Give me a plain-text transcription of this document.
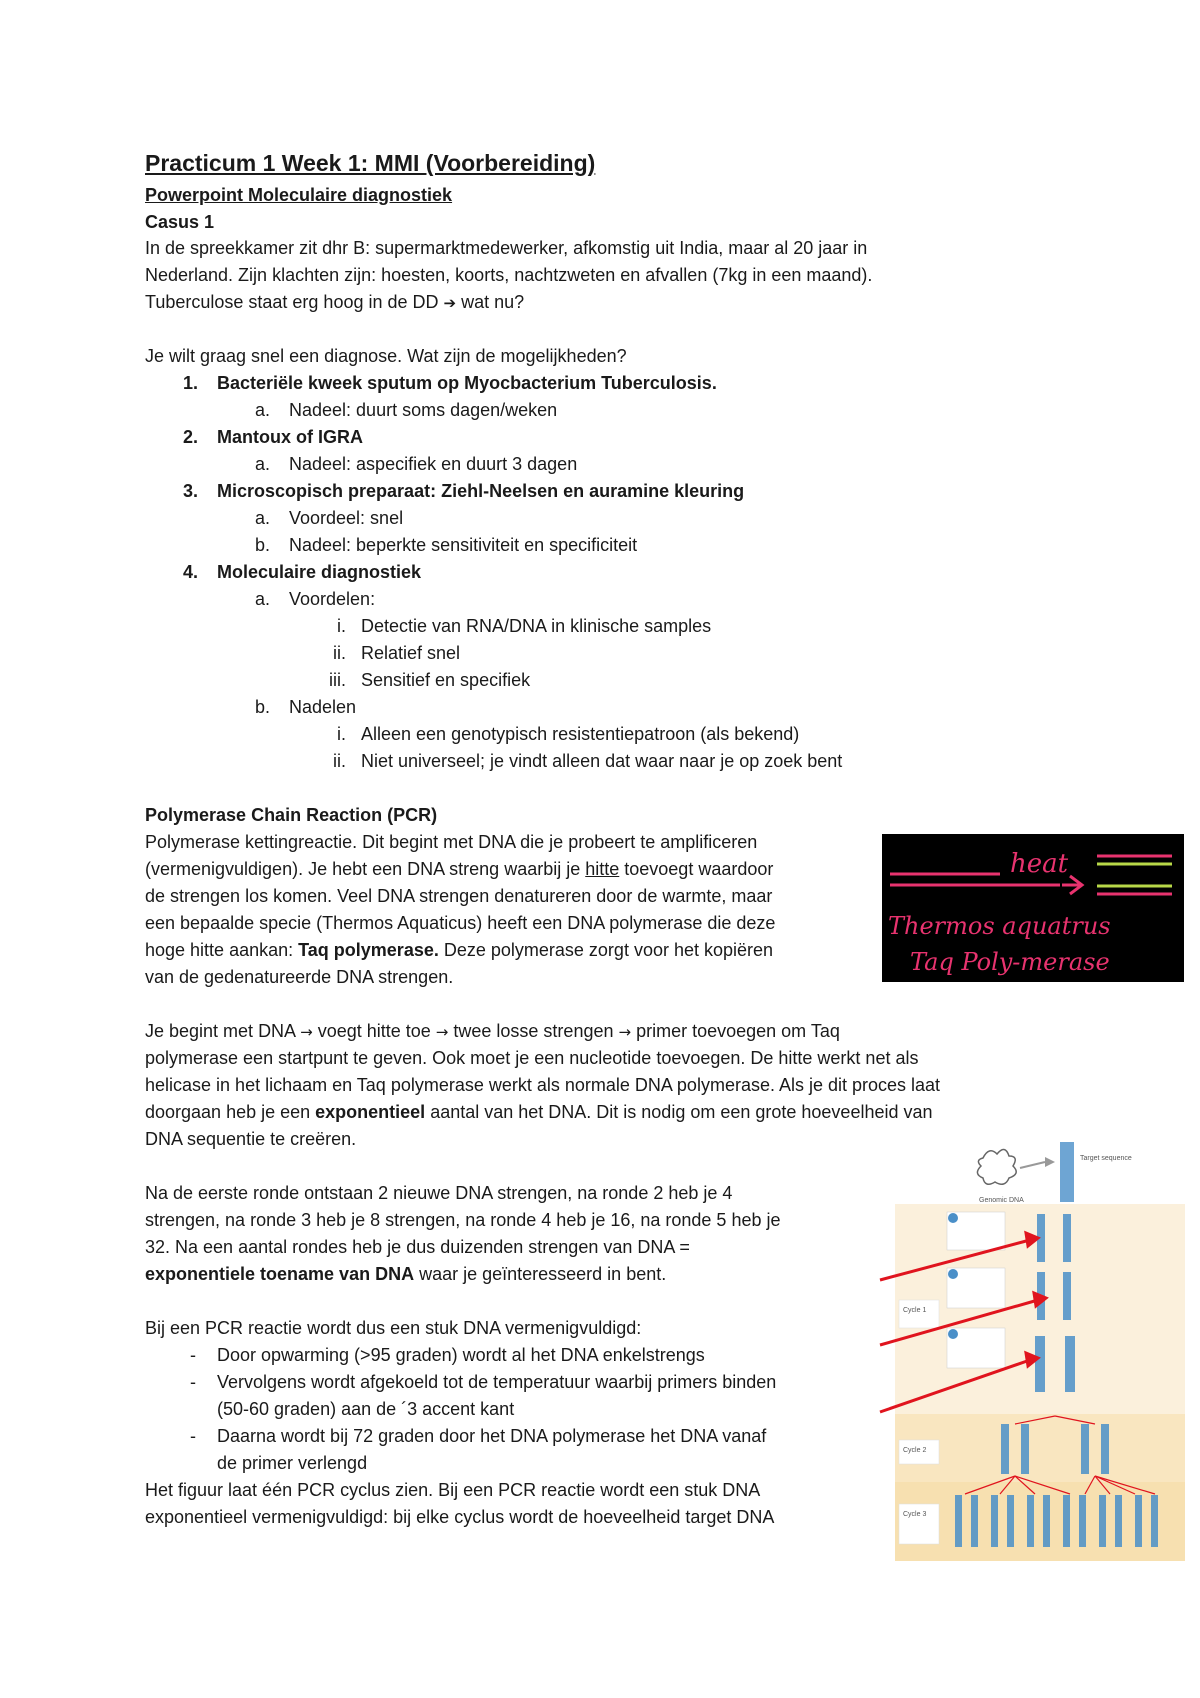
Practicum 1 Week 1: MMI (Voorbereiding)
Powerpoint Moleculaire diagnostiek
Casus 1
In de spreekkamer zit dhr B: supermarktmedewerker, afkomstig uit India, maar al 20 jaar in
Nederland. Zijn klachten zijn: hoesten, koorts, nachtzweten en afvallen (7kg in een maand).
Tuberculose staat erg hoog in de DD ➔ wat nu?
Je wilt graag snel een diagnose. Wat zijn de mogelijkheden?
1. Bacteriële kweek sputum op Myocbacterium Tuberculosis.
a. Nadeel: duurt soms dagen/weken
2. Mantoux of IGRA
a. Nadeel: aspecifiek en duurt 3 dagen
3. Microscopisch preparaat: Ziehl-Neelsen en auramine kleuring
a. Voordeel: snel
b. Nadeel: beperkte sensitiviteit en specificiteit
4. Moleculaire diagnostiek
a. Voordelen:
i. Detectie van RNA/DNA in klinische samples
ii. Relatief snel
iii. Sensitief en specifiek
b. Nadelen
i. Alleen een genotypisch resistentiepatroon (als bekend)
ii. Niet universeel; je vindt alleen dat waar naar je op zoek bent
Polymerase Chain Reaction (PCR)
Polymerase kettingreactie. Dit begint met DNA die je probeert te amplificeren
(vermenigvuldigen). Je hebt een DNA streng waarbij je hitte toevoegt waardoor
de strengen los komen. Veel DNA strengen denatureren door de warmte, maar
een bepaalde specie (Thermos Aquaticus) heeft een DNA polymerase die deze
hoge hitte aankan: Taq polymerase. Deze polymerase zorgt voor het kopiëren
van de gedenatureerde DNA strengen.
Je begint met DNA → voegt hitte toe → twee losse strengen → primer toevoegen om Taq
polymerase een startpunt te geven. Ook moet je een nucleotide toevoegen. De hitte werkt net als
helicase in het lichaam en Taq polymerase werkt als normale DNA polymerase. Als je dit proces laat
doorgaan heb je een exponentieel aantal van het DNA. Dit is nodig om een grote hoeveelheid van
DNA sequentie te creëren.
Na de eerste ronde ontstaan 2 nieuwe DNA strengen, na ronde 2 heb je 4
strengen, na ronde 3 heb je 8 strengen, na ronde 4 heb je 16, na ronde 5 heb je
32. Na een aantal rondes heb je dus duizenden strengen van DNA =
exponentiele toename van DNA waar je geïnteresseerd in bent.
Bij een PCR reactie wordt dus een stuk DNA vermenigvuldigd:
- Door opwarming (>95 graden) wordt al het DNA enkelstrengs
- Vervolgens wordt afgekoeld tot de temperatuur waarbij primers binden
(50-60 graden) aan de ´3 accent kant
- Daarna wordt bij 72 graden door het DNA polymerase het DNA vanaf
de primer verlengd
Het figuur laat één PCR cyclus zien. Bij een PCR reactie wordt een stuk DNA
exponentieel vermenigvuldigd: bij elke cyclus wordt de hoeveelheid target DNA
heat
Thermos aquatrus
Taq Poly-merase
Genomic DNA
Target sequence
Cycle 1
Cycle 2
Cycle 3
